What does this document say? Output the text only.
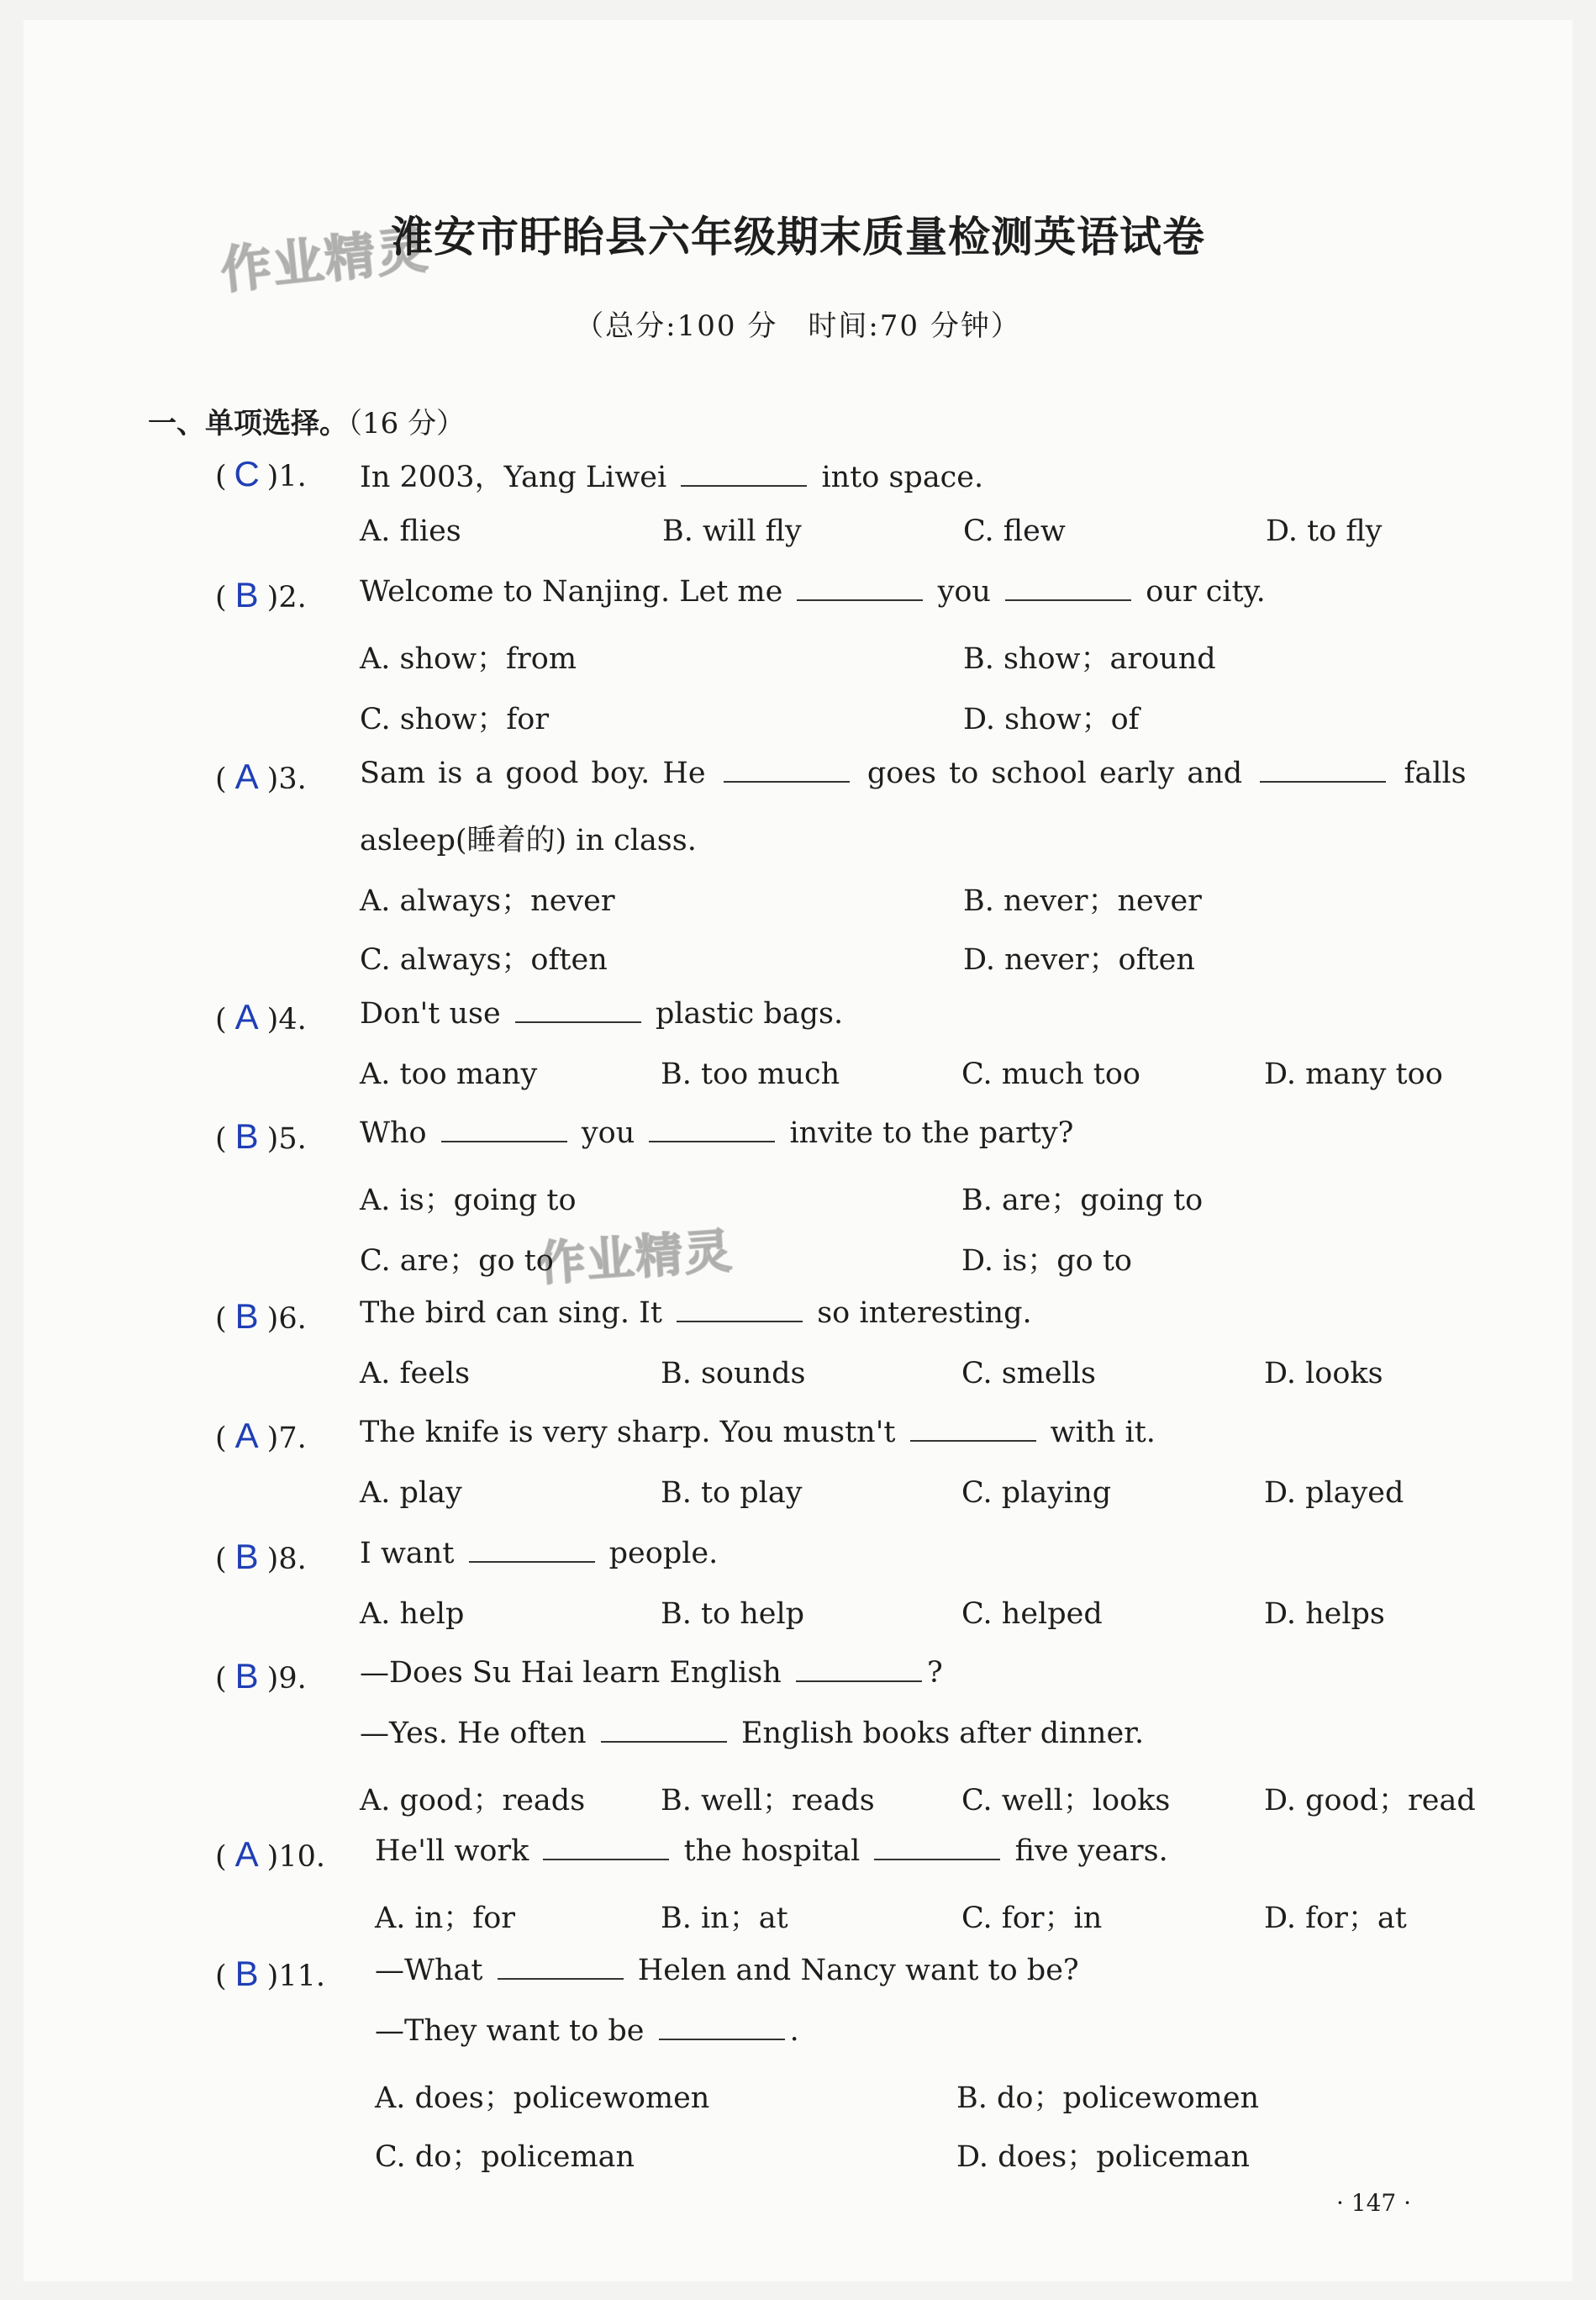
作业精灵
作业精灵
淮安市盱眙县六年级期末质量检测英语试卷
（总分:100 分　时间:70 分钟）
一、单项选择。（16 分）
( C )1. In 2003，Yang Liwei	into space.
A. flies	B. will fly	C. flew	D. to fly
( B )2. Welcome to Nanjing. Let me	you	our city.
A. show；from	B. show；around
C. show；for	D. show；of
( A )3. Sam is a good boy. He	goes to school early and	falls
asleep(睡着的) in class.
A. always；never	B. never；never
C. always；often	D. never；often
( A )4. Don't use	plastic bags.
A. too many	B. too much	C. much too	D. many too
( B )5. Who	you	invite to the party?
A. is；going to	B. are；going to
C. are；go to	D. is；go to
( B )6. The bird can sing. It	so interesting.
A. feels	B. sounds	C. smells	D. looks
( A )7. The knife is very sharp. You mustn't	with it.
A. play	B. to play	C. playing	D. played
( B )8. I want	people.
A. help	B. to help	C. helped	D. helps
( B )9. —Does Su Hai learn English	?
—Yes. He often	English books after dinner.
A. good；reads	B. well；reads	C. well；looks	D. good；read
( A )10. He'll work	the hospital	five years.
A. in；for	B. in；at	C. for；in	D. for；at
( B )11. —What	Helen and Nancy want to be?
—They want to be	.
A. does；policewomen	B. do；policewomen
C. do；policeman	D. does；policeman
· 147 ·
